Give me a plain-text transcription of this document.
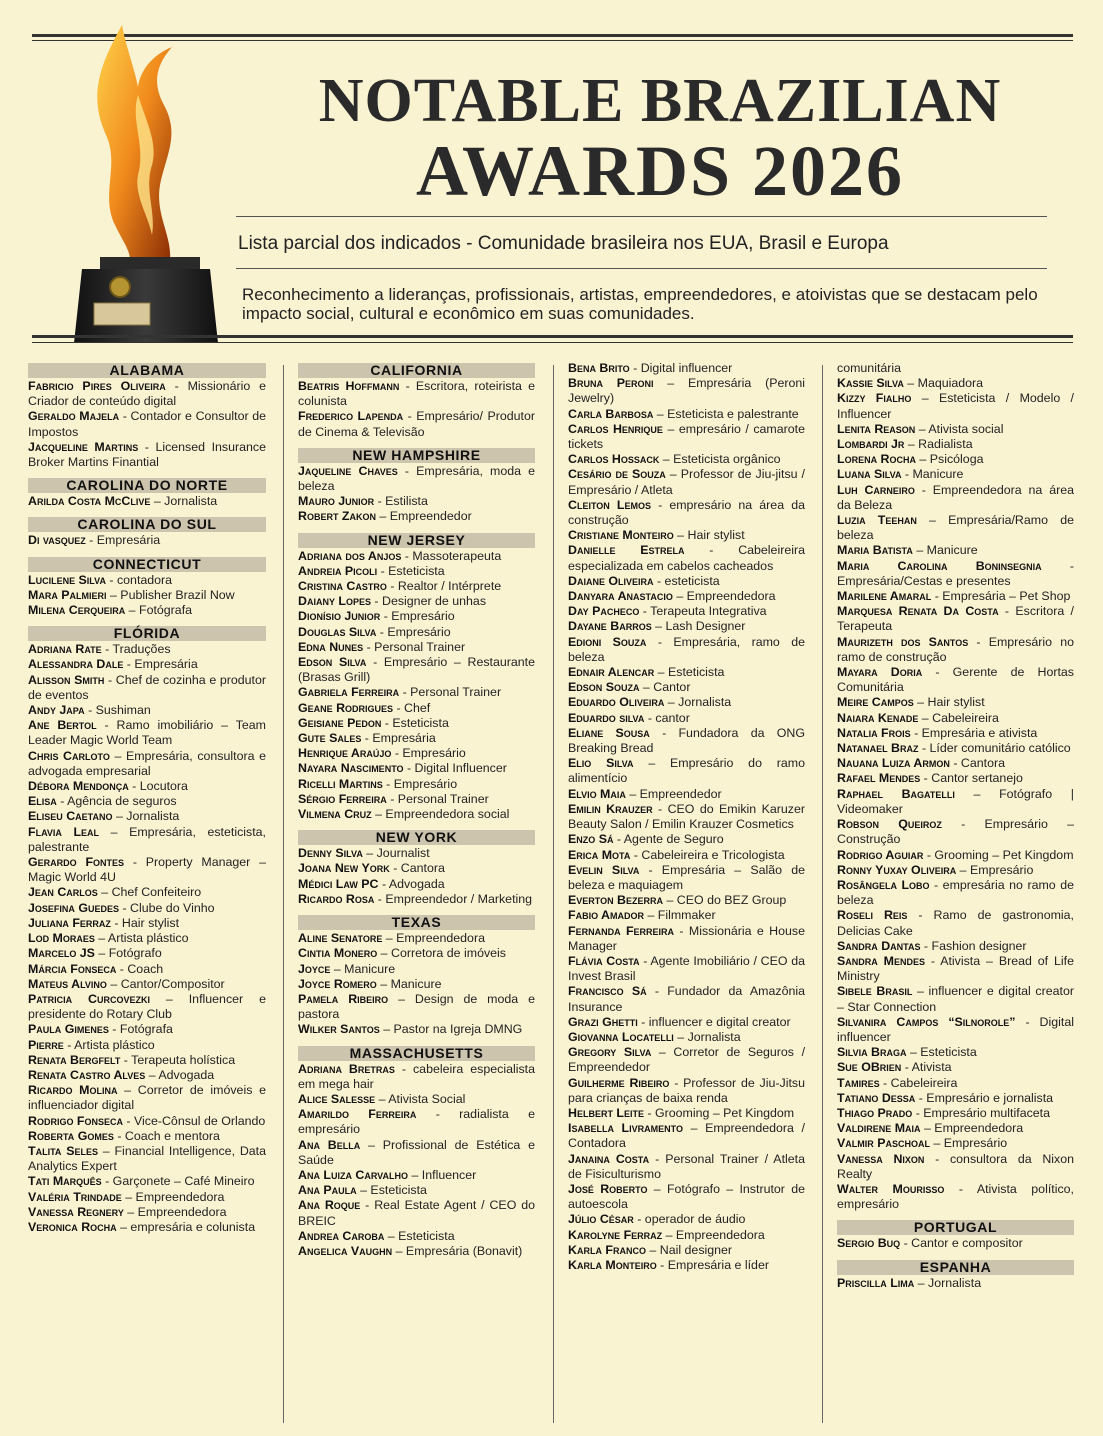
NOTABLE BRAZILIAN
AWARDS 2026
Lista parcial dos indicados - Comunidade brasileira nos EUA, Brasil e Europa
Reconhecimento a lideranças, profissionais, artistas, empreendedores, e atoivistas que se destacam pelo impacto social, cultural e econômico em suas comunidades.
ALABAMA

Fabricio Pires Oliveira - Missionário e Criador de conteúdo digital

Geraldo Majela - Contador e Consultor de Impostos

Jacqueline Martins - Licensed Insurance Broker Martins Finantial

CAROLINA DO NORTE

Arilda Costa McClive – Jornalista

CAROLINA DO SUL

Di vasquez - Empresária

CONNECTICUT

Lucilene Silva - contadora

Mara Palmieri – Publisher Brazil Now

Milena Cerqueira – Fotógrafa

FLÓRIDA

Adriana Rate - Traduções

Alessandra Dale - Empresária

Alisson Smith - Chef de cozinha e produtor de eventos

Andy Japa - Sushiman

Ane Bertol - Ramo imobiliário – Team Leader Magic World Team

Chris Carloto – Empresária, consultora e advogada empresarial

Débora Mendonça - Locutora

Elisa - Agência de seguros

Eliseu Caetano – Jornalista

Flavia Leal – Empresária, esteticista, palestrante

Gerardo Fontes - Property Manager – Magic World 4U

Jean Carlos – Chef Confeiteiro

Josefina Guedes - Clube do Vinho

Juliana Ferraz - Hair stylist

Lod Moraes – Artista plástico

Marcelo JS – Fotógrafo

Márcia Fonseca - Coach

Mateus Alvino – Cantor/Compositor

Patricia Curcovezki – Influencer e presidente do Rotary Club

Paula Gimenes - Fotógrafa

Pierre - Artista plástico

Renata Bergfelt - Terapeuta holística

Renata Castro Alves – Advogada

Ricardo Molina – Corretor de imóveis e influenciador digital

Rodrigo Fonseca - Vice-Cônsul de Orlando

Roberta Gomes - Coach e mentora

Talita Seles – Financial Intelligence, Data Analytics Expert

Tati Marquês - Garçonete – Café Mineiro

Valéria Trindade – Empreendedora

Vanessa Regnery – Empreendedora

Veronica Rocha – empresária e colunista

CALIFORNIA

Beatris Hoffmann - Escritora, roteirista e colunista

Frederico Lapenda - Empresário/ Produtor de Cinema & Televisão

NEW HAMPSHIRE

Jaqueline Chaves - Empresária, moda e beleza

Mauro Junior - Estilista

Robert Zakon – Empreendedor

NEW JERSEY

Adriana dos Anjos - Massoterapeuta

Andreia Picoli - Esteticista

Cristina Castro - Realtor / Intérprete

Daiany Lopes - Designer de unhas

Dionísio Junior - Empresário

Douglas Silva - Empresário

Edna Nunes - Personal Trainer

Edson Silva - Empresário – Restaurante (Brasas Grill)

Gabriela Ferreira - Personal Trainer

Geane Rodrigues - Chef

Geisiane Pedon - Esteticista

Gute Sales - Empresária

Henrique Araújo - Empresário

Nayara Nascimento - Digital Influencer

Ricelli Martins - Empresário

Sérgio Ferreira - Personal Trainer

Vilmena Cruz – Empreendedora social

NEW YORK

Denny Silva – Journalist

Joana New York - Cantora

Médici Law PC - Advogada

Ricardo Rosa - Empreendedor / Marketing

TEXAS

Aline Senatore – Empreendedora

Cintia Monero – Corretora de imóveis

Joyce – Manicure

Joyce Romero – Manicure

Pamela Ribeiro – Design de moda e pastora

Wilker Santos – Pastor na Igreja DMNG

MASSACHUSETTS

Adriana Bretras - cabeleira especialista em mega hair

Alice Salesse – Ativista Social

Amarildo Ferreira - radialista e empresário

Ana Bella – Profissional de Estética e Saúde

Ana Luiza Carvalho – Influencer

Ana Paula – Esteticista

Ana Roque - Real Estate Agent / CEO do BREIC

Andrea Caroba – Esteticista

Angelica Vaughn – Empresária (Bonavit)

Bena Brito - Digital influencer

Bruna Peroni – Empresária (Peroni Jewelry)

Carla Barbosa – Esteticista e palestrante

Carlos Henrique – empresário / camarote tickets

Carlos Hossack – Esteticista orgânico

Cesário de Souza – Professor de Jiu-jitsu / Empresário / Atleta

Cleiton Lemos - empresário na área da construção

Cristiane Monteiro – Hair stylist

Danielle Estrela - Cabeleireira especializada em cabelos cacheados

Daiane Oliveira - esteticista

Danyara Anastacio – Empreendedora

Day Pacheco - Terapeuta Integrativa

Dayane Barros – Lash Designer

Edioni Souza - Empresária, ramo de beleza

Ednair Alencar – Esteticista

Edson Souza – Cantor

Eduardo Oliveira – Jornalista

Eduardo silva - cantor

Eliane Sousa - Fundadora da ONG Breaking Bread

Elio Silva – Empresário do ramo alimentício

Elvio Maia – Empreendedor

Emilin Krauzer - CEO do Emikin Karuzer Beauty Salon / Emilin Krauzer Cosmetics

Enzo Sá - Agente de Seguro

Erica Mota - Cabeleireira e Tricologista

Evelin Silva - Empresária – Salão de beleza e maquiagem

Everton Bezerra – CEO do BEZ Group

Fabio Amador – Filmmaker

Fernanda Ferreira - Missionária e House Manager

Flávia Costa - Agente Imobiliário / CEO da Invest Brasil

Francisco Sá - Fundador da Amazônia Insurance

Grazi Ghetti - influencer e digital creator

Giovanna Locatelli – Jornalista

Gregory Silva – Corretor de Seguros / Empreendedor

Guilherme Ribeiro - Professor de Jiu-Jitsu para crianças de baixa renda

Helbert Leite - Grooming – Pet Kingdom

Isabella Livramento – Empreendedora / Contadora

Janaina Costa - Personal Trainer / Atleta de Fisiculturismo

José Roberto – Fotógrafo – Instrutor de autoescola

Júlio César - operador de áudio

Karolyne Ferraz – Empreendedora

Karla Franco – Nail designer

Karla Monteiro - Empresária e líder

comunitária

Kassie Silva – Maquiadora

Kizzy Fialho – Esteticista / Modelo / Influencer

Lenita Reason – Ativista social

Lombardi Jr – Radialista

Lorena Rocha – Psicóloga

Luana Silva - Manicure

Luh Carneiro - Empreendedora na área da Beleza

Luzia Teehan – Empresária/Ramo de beleza

Maria Batista – Manicure

Maria Carolina Boninsegnia - Empresária/Cestas e presentes

Marilene Amaral - Empresária – Pet Shop

Marquesa Renata Da Costa - Escritora / Terapeuta

Maurizeth dos Santos - Empresário no ramo de construção

Mayara Doria - Gerente de Hortas Comunitária

Meire Campos – Hair stylist

Naiara Kenade – Cabeleireira

Natalia Frois - Empresária e ativista

Natanael Braz - Líder comunitário católico

Nauana Luiza Armon - Cantora

Rafael Mendes - Cantor sertanejo

Raphael Bagatelli – Fotógrafo | Videomaker

Robson Queiroz - Empresário – Construção

Rodrigo Aguiar - Grooming – Pet Kingdom

Ronny Yuxay Oliveira – Empresário

Rosângela Lobo - empresária no ramo de beleza

Roseli Reis - Ramo de gastronomia, Delicias Cake

Sandra Dantas - Fashion designer

Sandra Mendes - Ativista – Bread of Life Ministry

Sibele Brasil – influencer e digital creator – Star Connection

Silvanira Campos “Silnorole” - Digital influencer

Silvia Braga – Esteticista

Sue OBrien - Ativista

Tamires - Cabeleireira

Tatiano Dessa - Empresário e jornalista

Thiago Prado - Empresário multifaceta

Valdirene Maia – Empreendedora

Valmir Paschoal – Empresário

Vanessa Nixon - consultora da Nixon Realty

Walter Mourisso - Ativista político, empresário

PORTUGAL

Sergio Buq - Cantor e compositor

ESPANHA

Priscilla Lima – Jornalista
